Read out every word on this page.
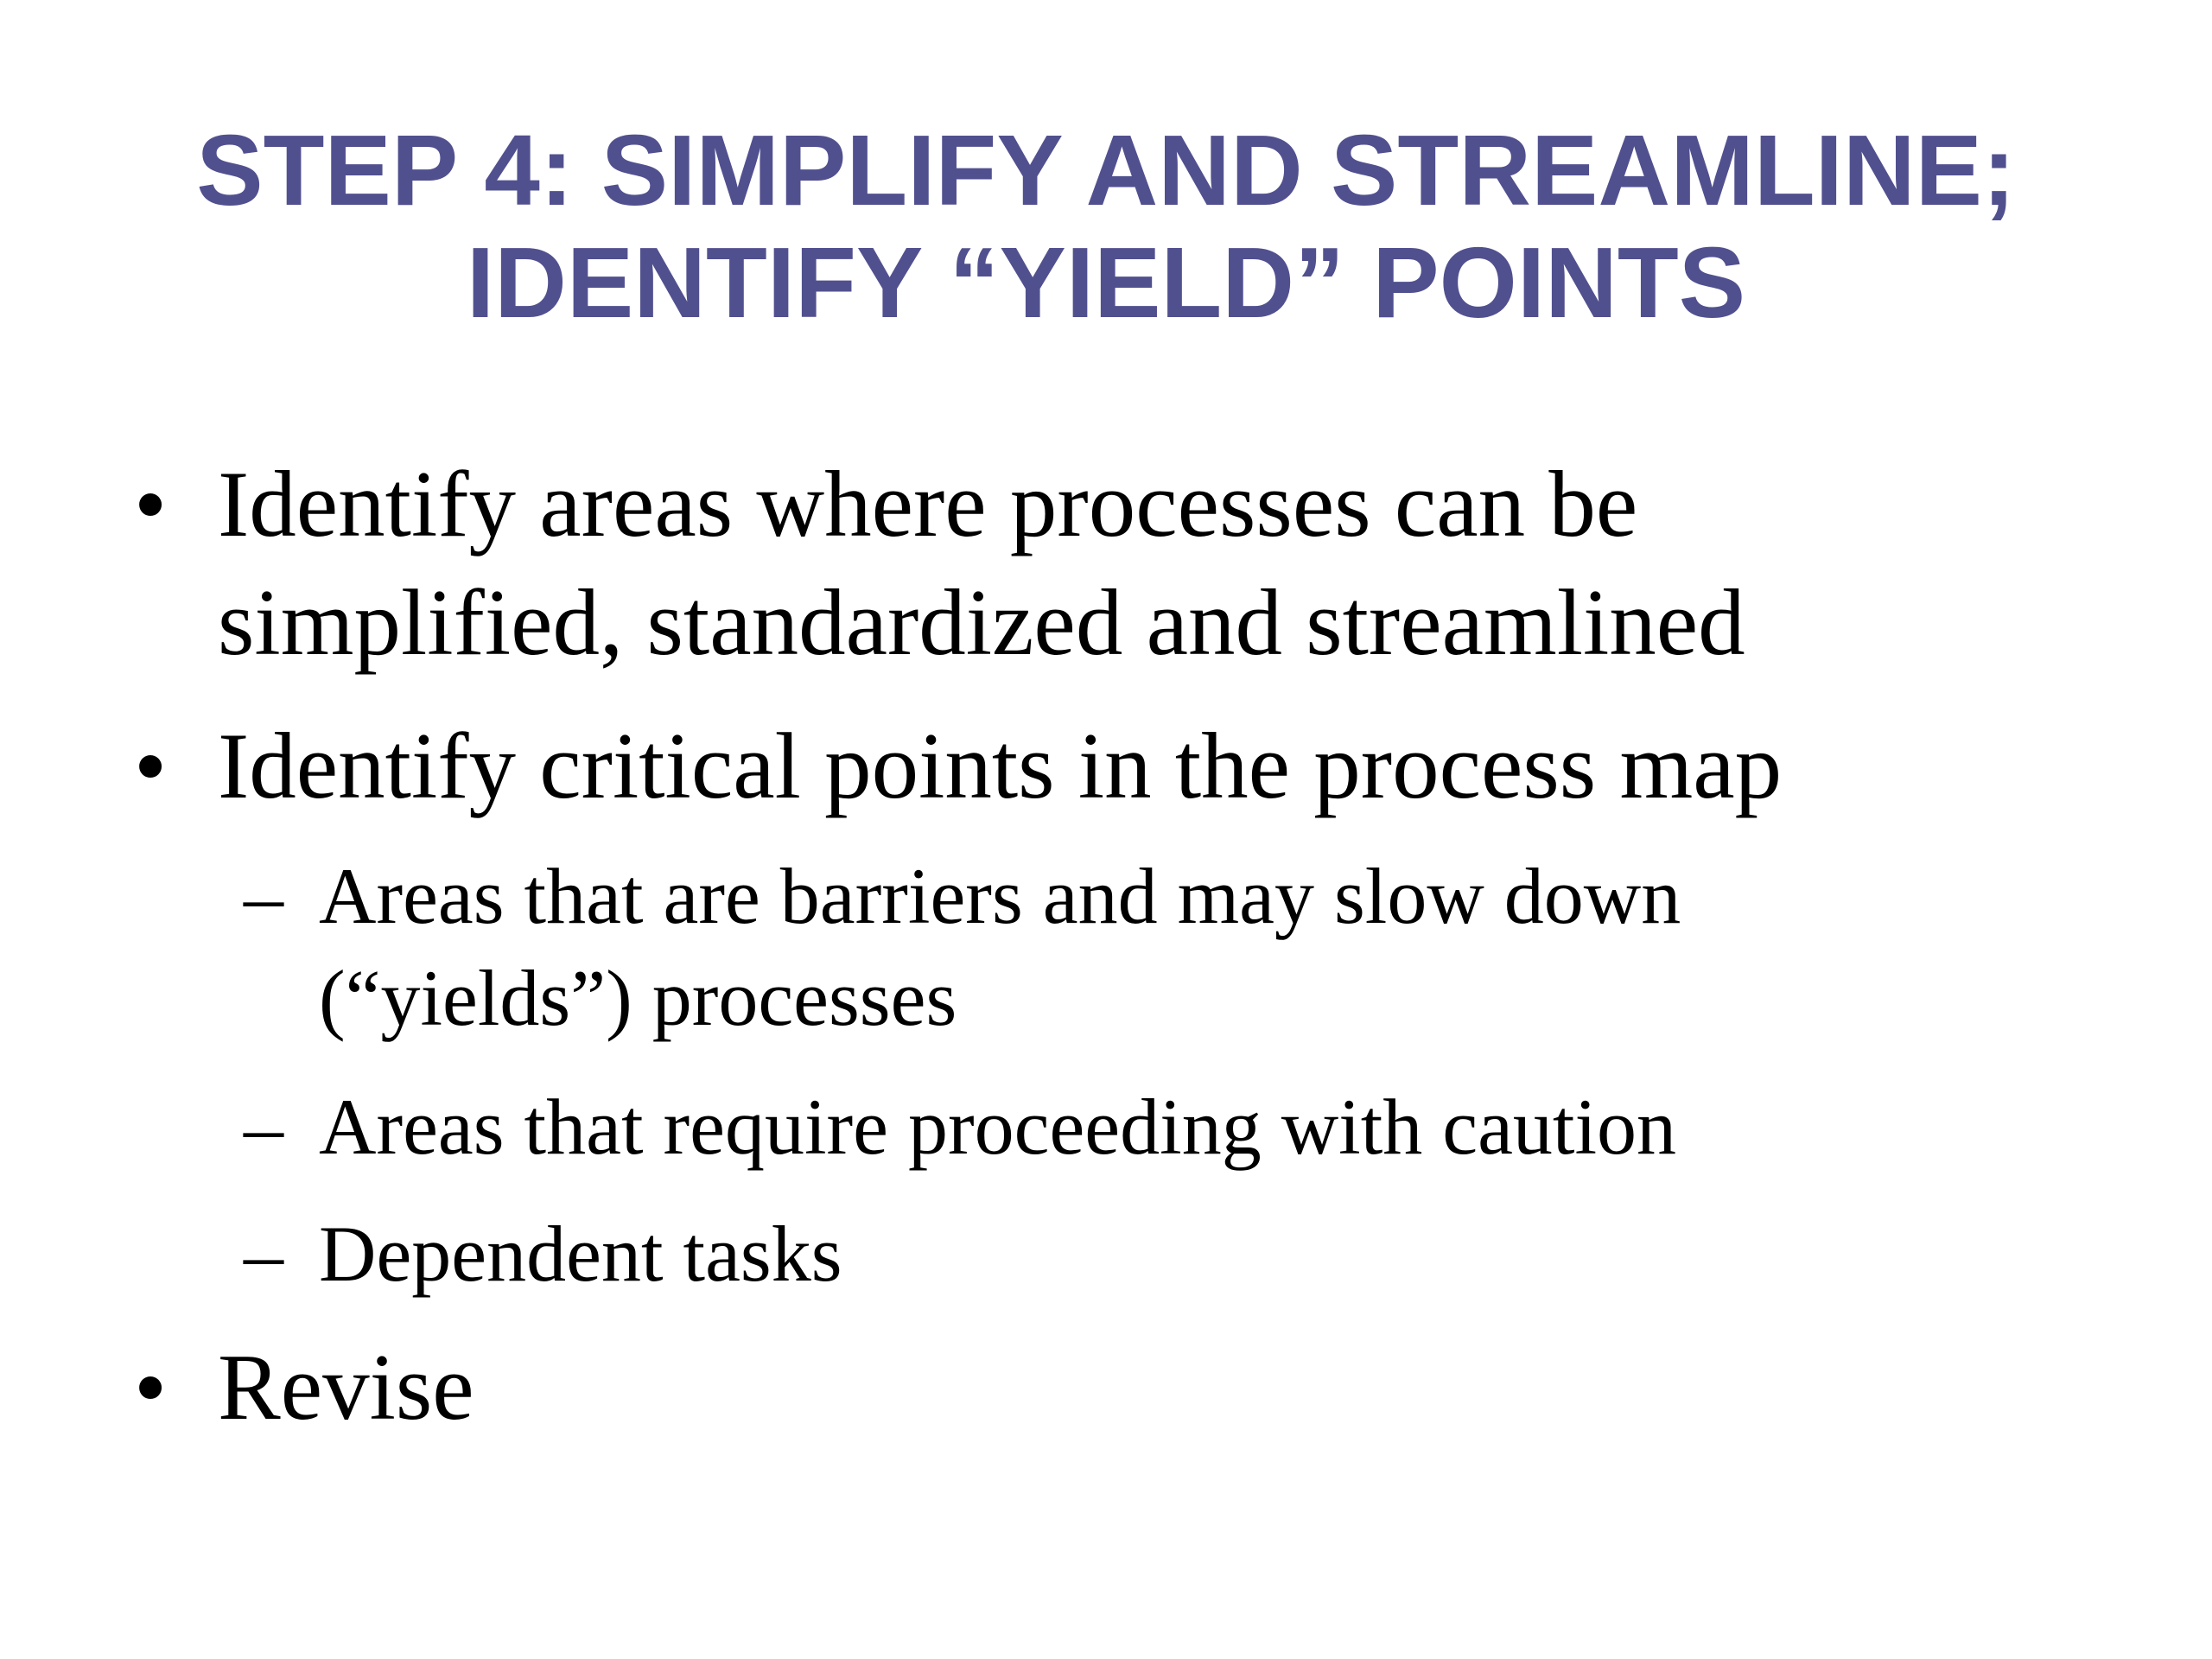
STEP 4: SIMPLIFY AND STREAMLINE;
IDENTIFY “YIELD” POINTS
• Identify areas where processes can be
simplified, standardized and streamlined
• Identify critical points in the process map
– Areas that are barriers and may slow down
(“yields”) processes
– Areas that require proceeding with caution
– Dependent tasks
• Revise
